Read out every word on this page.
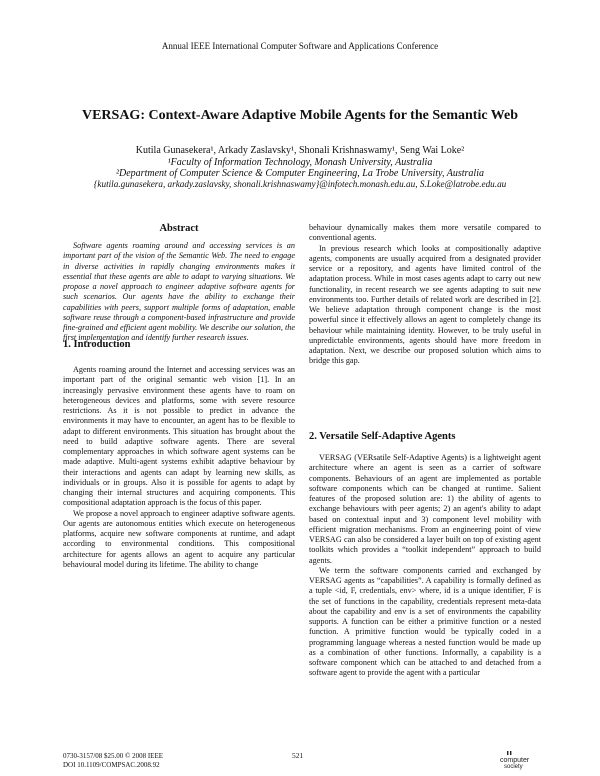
Annual IEEE International Computer Software and Applications Conference
VERSAG: Context-Aware Adaptive Mobile Agents for the Semantic Web
Kutila Gunasekera¹, Arkady Zaslavsky¹, Shonali Krishnaswamy¹, Seng Wai Loke²
¹Faculty of Information Technology, Monash University, Australia
²Department of Computer Science & Computer Engineering, La Trobe University, Australia
{kutila.gunasekera, arkady.zaslavsky, shonali.krishnaswamy}@infotech.monash.edu.au, S.Loke@latrobe.edu.au
Abstract

Software agents roaming around and accessing services is an important part of the vision of the Semantic Web. The need to engage in diverse activities in rapidly changing environments makes it essential that these agents are able to adapt to varying situations. We propose a novel approach to engineer adaptive software agents for such scenarios. Our agents have the ability to exchange their capabilities with peers, support multiple forms of adaptation, enable software reuse through a component-based infrastructure and provide fine-grained and efficient agent mobility. We describe our solution, the first implementation and identify further research issues.

1. Introduction

Agents roaming around the Internet and accessing services was an important part of the original semantic web vision [1]. In an increasingly pervasive environment these agents have to roam on heterogeneous devices and platforms, some with severe resource restrictions. As it is not possible to predict in advance the environments it may have to encounter, an agent has to be flexible to adapt to different environments. This situation has brought about the need to build adaptive software agents. There are several complementary approaches in which software agent systems can be made adaptive. Multi-agent systems exhibit adaptive behaviour by their interactions and agents can adapt by learning new skills, as individuals or in groups. Also it is possible for agents to adapt by changing their internal structures and acquiring components. This compositional adaptation approach is the focus of this paper.

We propose a novel approach to engineer adaptive software agents. Our agents are autonomous entities which execute on heterogeneous platforms, acquire new software components at runtime, and adapt according to environmental conditions. This compositional architecture for agents allows an agent to acquire any particular behavioural model during its lifetime. The ability to change

behaviour dynamically makes them more versatile compared to conventional agents.

In previous research which looks at compositionally adaptive agents, components are usually acquired from a designated provider service or a repository, and agents have limited control of the adaptation process. While in most cases agents adapt to carry out new functionality, in recent research we see agents adapting to suit new environments too. Further details of related work are described in [2]. We believe adaptation through component change is the most powerful since it effectively allows an agent to completely change its behaviour while maintaining identity. However, to be truly useful in unpredictable environments, agents should have more freedom in adaptation. Next, we describe our proposed solution which aims to bridge this gap.

2. Versatile Self-Adaptive Agents

VERSAG (VERsatile Self-Adaptive Agents) is a lightweight agent architecture where an agent is seen as a carrier of software components. Behaviours of an agent are implemented as portable software components which can be changed at runtime. Salient features of the proposed solution are: 1) the ability of agents to exchange behaviours with peer agents; 2) an agent's ability to adapt based on contextual input and 3) component level mobility with efficient migration mechanisms. From an engineering point of view VERSAG can also be considered a layer built on top of existing agent toolkits which provides a “toolkit independent” approach to build agents.

We term the software components carried and exchanged by VERSAG agents as “capabilities”. A capability is formally defined as a tuple <id, F, credentials, env> where, id is a unique identifier, F is the set of functions in the capability, credentials represent meta-data about the capability and env is a set of environments the capability supports. A function can be either a primitive function or a nested function. A primitive function would be typically coded in a programming language whereas a nested function would be made up as a combination of other functions. Informally, a capability is a software component which can be attached to and detached from a software agent to provide the agent with a particular

0730-3157/08 $25.00 © 2008 IEEE
DOI 10.1109/COMPSAC.2008.92
521
computer
society
